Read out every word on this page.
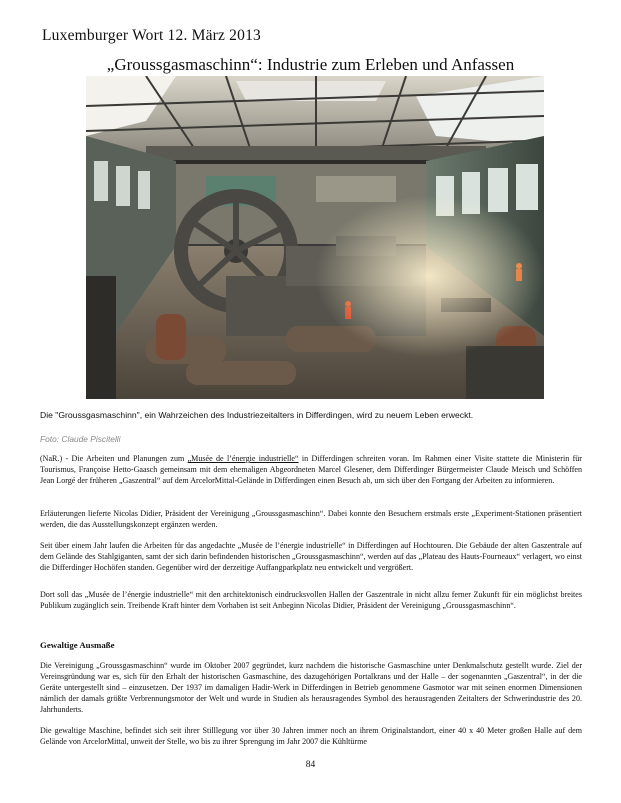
Luxemburger Wort 12. März 2013
„Groussgasmaschinn“: Industrie zum Erleben und Anfassen
Die "Groussgasmaschinn", ein Wahrzeichen des Industriezeitalters in Differdingen, wird zu neuem Leben erweckt.
Foto: Claude Piscitelli

(NaR.) - Die Arbeiten und Planungen zum „Musée de l’énergie industrielle“ in Differdingen schreiten voran. Im Rahmen einer Visite stattete die Ministerin für Tourismus, Françoise Hetto-Gaasch gemeinsam mit dem ehemaligen Abgeordneten Marcel Glesener, dem Differdinger Bürgermeister Claude Meisch und Schöffen Jean Lorgé der früheren „Gaszentral“ auf dem ArcelorMittal-Gelände in Differdingen einen Besuch ab, um sich über den Fortgang der Arbeiten zu informieren.

Erläuterungen lieferte Nicolas Didier, Präsident der Vereinigung „Groussgasmaschinn“. Dabei konnte den Besuchern erstmals erste „Experiment-Stationen präsentiert werden, die das Ausstellungskonzept ergänzen werden.

Seit über einem Jahr laufen die Arbeiten für das angedachte „Musée de l’énergie industrielle“ in Differdingen auf Hochtouren. Die Gebäude der alten Gaszentrale auf dem Gelände des Stahlgiganten, samt der sich darin befindenden historischen „Groussgasmaschinn“, werden auf das „Plateau des Hauts-Fourneaux“ verlagert, wo einst die Differdinger Hochöfen standen. Gegenüber wird der derzeitige Auffangparkplatz neu entwickelt und vergrößert.

Dort soll das „Musée de l’énergie industrielle“ mit den architektonisch eindrucksvollen Hallen der Gaszentrale in nicht allzu ferner Zukunft für ein möglichst breites Publikum zugänglich sein. Treibende Kraft hinter dem Vorhaben ist seit Anbeginn Nicolas Didier, Präsident der Vereinigung „Groussgasmaschinn“.

Gewaltige Ausmaße

Die Vereinigung „Groussgasmaschinn“ wurde im Oktober 2007 gegründet, kurz nachdem die historische Gasmaschine unter Denkmalschutz gestellt wurde. Ziel der Vereinsgründung war es, sich für den Erhalt der historischen Gasmaschine, des dazugehörigen Portalkrans und der Halle – der sogenannten „Gaszentral“, in der die Geräte untergestellt sind – einzusetzen. Der 1937 im damaligen Hadir-Werk in Differdingen in Betrieb genommene Gasmotor war mit seinen enormen Dimensionen nämlich der damals größte Verbrennungsmotor der Welt und wurde in Studien als herausragendes Symbol des herausragenden Zeitalters der Schwerindustrie des 20. Jahrhunderts.

Die gewaltige Maschine, befindet sich seit ihrer Stilllegung vor über 30 Jahren immer noch an ihrem Originalstandort, einer 40 x 40 Meter großen Halle auf dem Gelände von ArcelorMittal, unweit der Stelle, wo bis zu ihrer Sprengung im Jahr 2007 die Kühltürme

84
